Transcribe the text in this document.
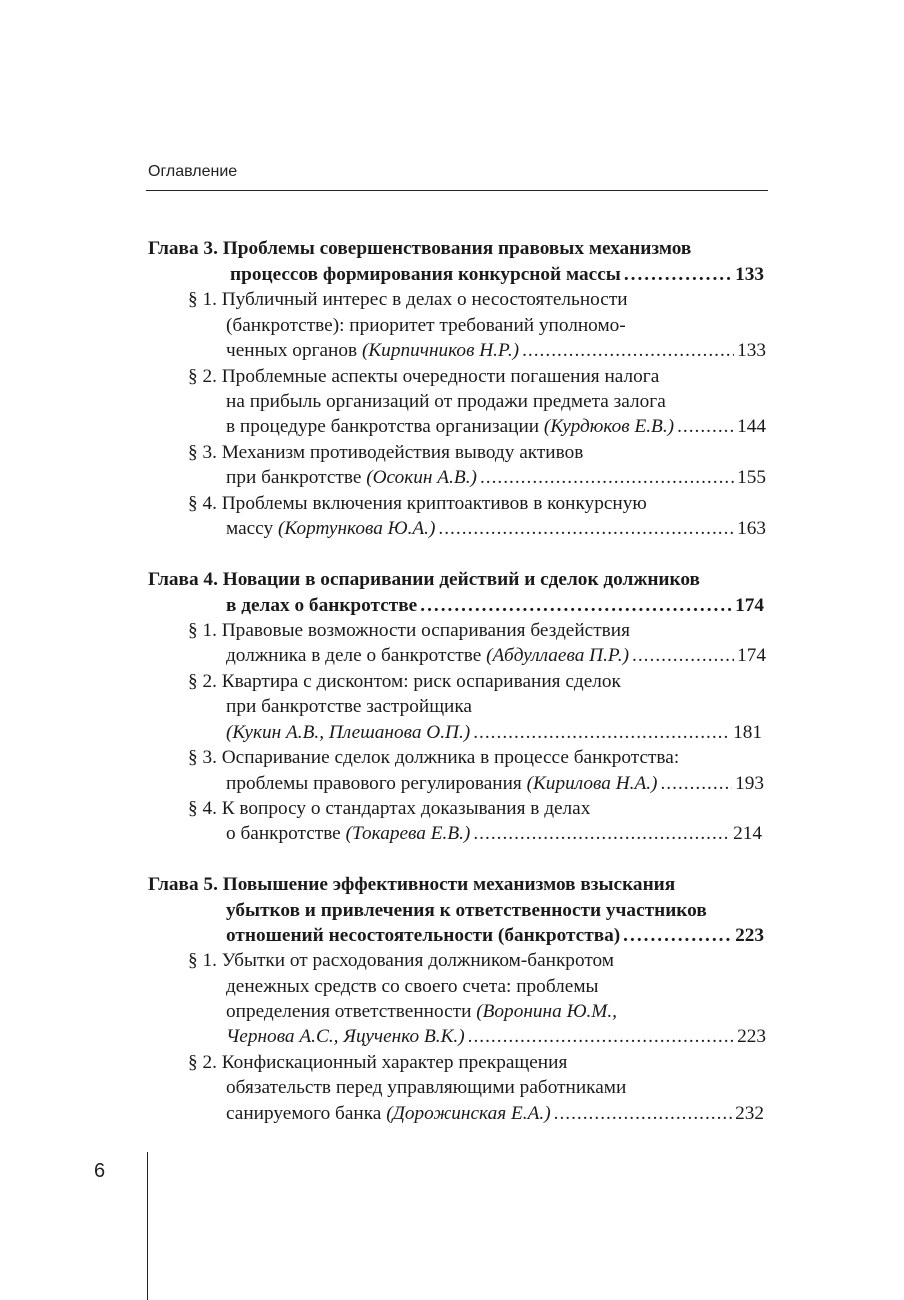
Оглавление
Глава 3. Проблемы совершенствования правовых механизмов
процессов формирования конкурсной массы .....	133
§ 1. Публичный интерес в делах о несостоятельности
(банкротстве): приоритет требований уполномо-
ченных органов (Кирпичников Н.Р.) .....	133
§ 2. Проблемные аспекты очередности погашения налога
на прибыль организаций от продажи предмета залога
в процедуре банкротства организации (Курдюков Е.В.) .....	144
§ 3. Механизм противодействия выводу активов
при банкротстве (Осокин А.В.) .....	155
§ 4. Проблемы включения криптоактивов в конкурсную
массу (Кортункова Ю.А.) .....	163
Глава 4. Новации в оспаривании действий и сделок должников
в делах о банкротстве .....	174
§ 1. Правовые возможности оспаривания бездействия
должника в деле о банкротстве (Абдуллаева П.Р.) .....	174
§ 2. Квартира с дисконтом: риск оспаривания сделок
при банкротстве застройщика
(Кукин А.В., Плешанова О.П.) .....	181
§ 3. Оспаривание сделок должника в процессе банкротства:
проблемы правового регулирования (Кирилова Н.А.) .....	193
§ 4. К вопросу о стандартах доказывания в делах
о банкротстве (Токарева Е.В.) .....	214
Глава 5. Повышение эффективности механизмов взыскания
убытков и привлечения к ответственности участников
отношений несостоятельности (банкротства) .....	223
§ 1. Убытки от расходования должником-банкротом
денежных средств со своего счета: проблемы
определения ответственности (Воронина Ю.М.,
Чернова А.С., Яцученко В.К.) .....	223
§ 2. Конфискационный характер прекращения
обязательств перед управляющими работниками
санируемого банка (Дорожинская Е.А.) .....	232
6
